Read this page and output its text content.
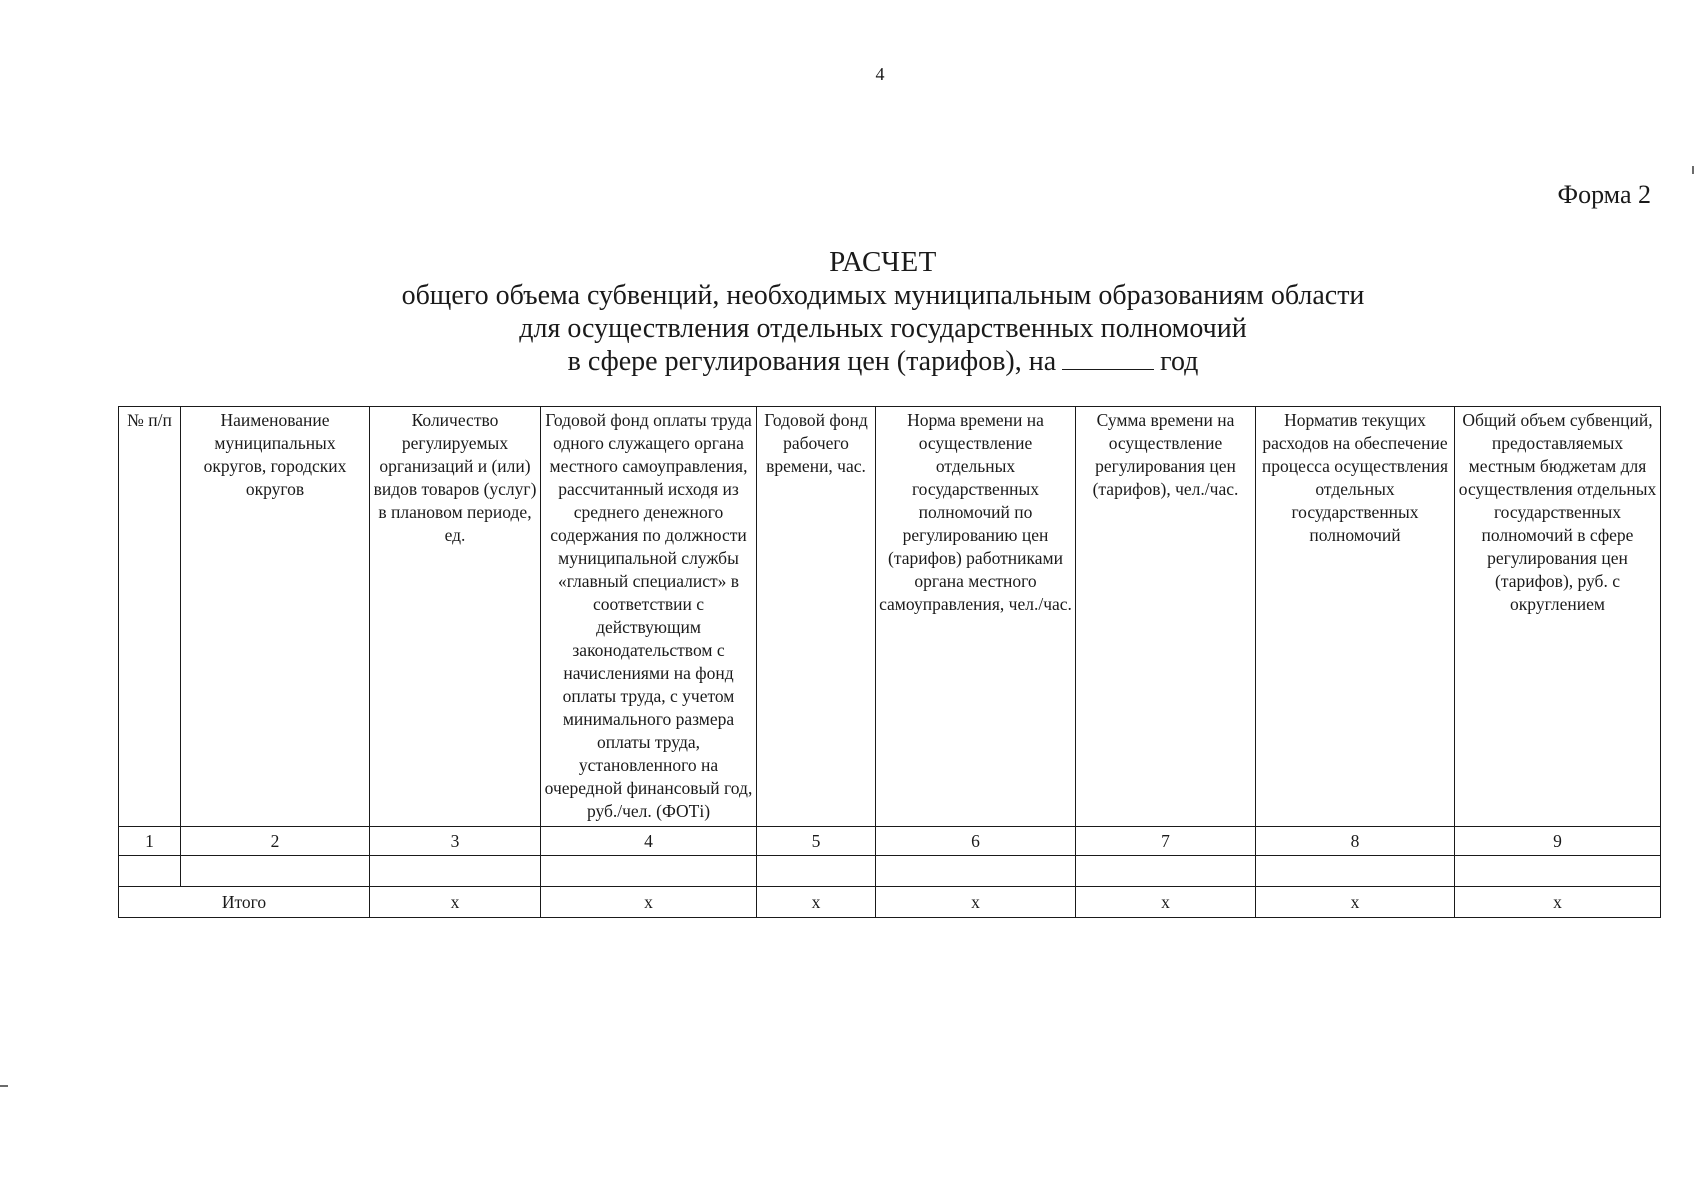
4
Форма 2
РАСЧЕТ
общего объема субвенций, необходимых муниципальным образованиям области
для осуществления отдельных государственных полномочий
в сфере регулирования цен (тарифов), на	год
№ п/п	Наименование муниципальных округов, городских округов	Количество регулируемых организаций и (или) видов товаров (услуг) в плановом периоде, ед.	Годовой фонд оплаты труда одного служащего органа местного самоуправления, рассчитанный исходя из среднего денежного содержания по должности муниципальной службы «главный специалист» в соответствии с действующим законодательством с начислениями на фонд оплаты труда, с учетом минимального размера оплаты труда, установленного на очередной финансовый год, руб./чел. (ФОТi)	Годовой фонд рабочего времени, час.	Норма времени на осуществление отдельных государственных полномочий по регулированию цен (тарифов) работниками органа местного самоуправления, чел./час.	Сумма времени на осуществление регулирования цен (тарифов), чел./час.	Норматив текущих расходов на обеспечение процесса осуществления отдельных государственных полномочий	Общий объем субвенций, предоставляемых местным бюджетам для осуществления отдельных государственных полномочий в сфере регулирования цен (тарифов), руб. с округлением
1	2	3	4	5	6	7	8	9

Итого		х	х	х	х	х	х	х
